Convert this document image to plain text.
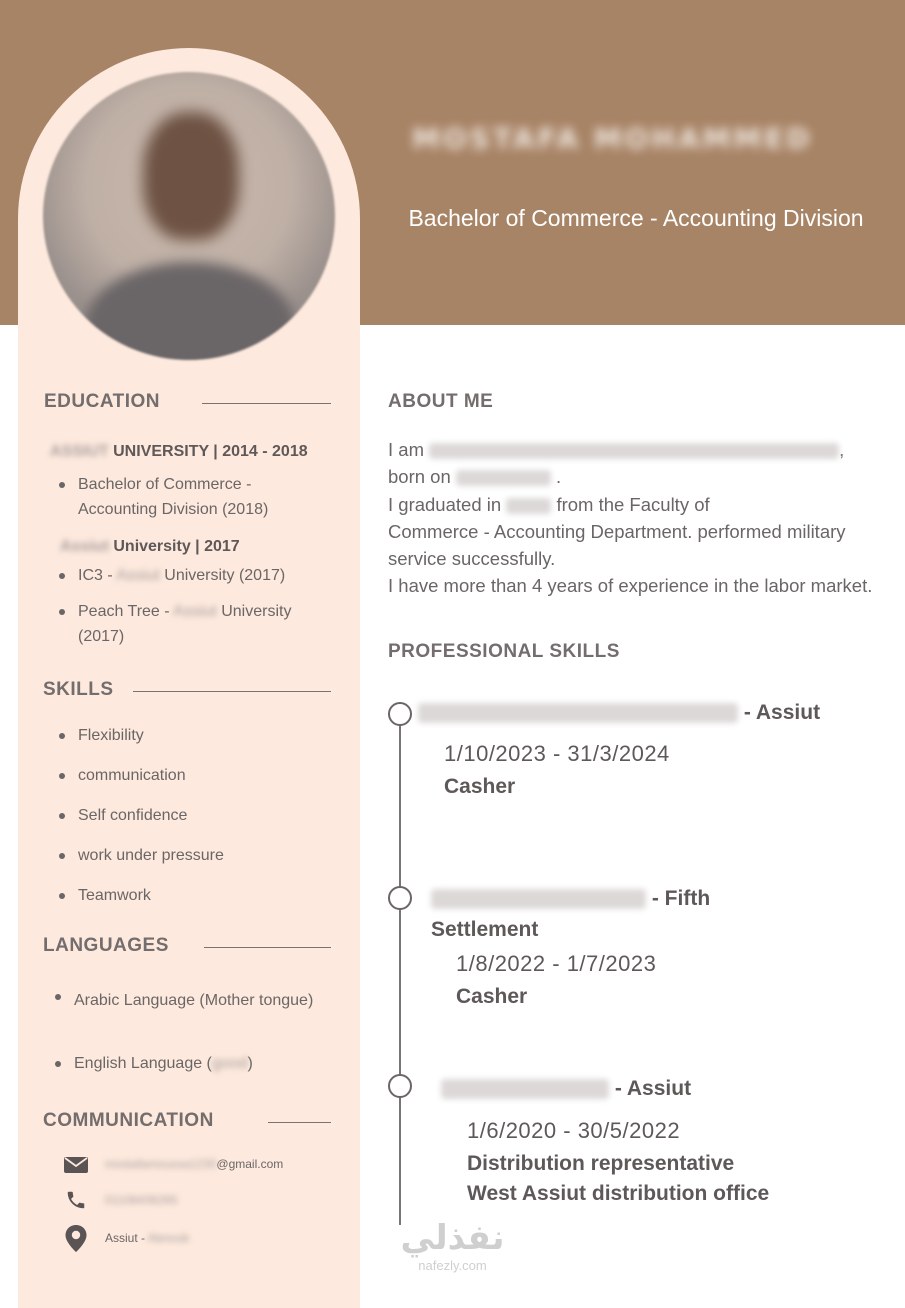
MOSTAFA MOHAMMED
Bachelor of Commerce - Accounting Division
EDUCATION
ASSIUT UNIVERSITY | 2014 - 2018
Bachelor of Commerce - Accounting Division (2018)
Assiut University | 2017
IC3 - Assiut University (2017)
Peach Tree - Assiut University (2017)
SKILLS
Flexibility
communication
Self confidence
work under pressure
Teamwork
LANGUAGES
Arabic Language (Mother tongue)
English Language (good)
COMMUNICATION
mostafamoussa1230@gmail.com
01108436265
Assiut - Abnoub
ABOUT ME
I am	,
born on	.
I graduated in	from the Faculty of
Commerce - Accounting Department. performed military service successfully.
I have more than 4 years of experience in the labor market.
PROFESSIONAL SKILLS
- Assiut
1/10/2023 - 31/3/2024
Casher
- Fifth
Settlement
1/8/2022 - 1/7/2023
Casher
- Assiut
1/6/2020 - 30/5/2022
Distribution representative
West Assiut distribution office
نفذلي
nafezly.com
